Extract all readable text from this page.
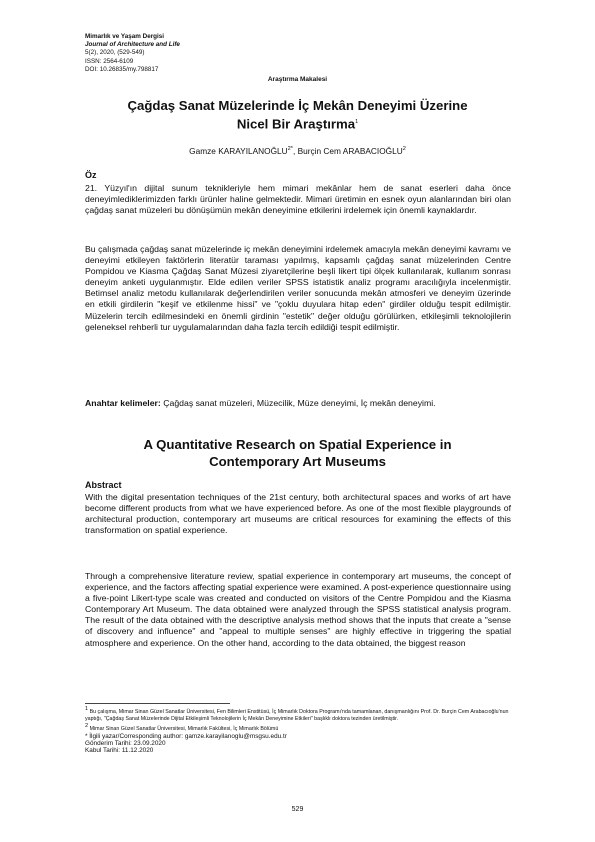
Mimarlık ve Yaşam Dergisi
Journal of Architecture and Life
5(2), 2020, (529-549)
ISSN: 2564-6109
DOI: 10.26835/my.798817
Araştırma Makalesi
Çağdaş Sanat Müzelerinde İç Mekân Deneyimi Üzerine
Nicel Bir Araştırma$^1$
Gamze $KARAYILANOĞLU^{2*}$, Burçin Cem ARABACIOĞLU$^2$
Öz

21. Yüzyıl'ın dijital sunum teknikleriyle hem mimari mekânlar hem de sanat eserleri daha önce deneyimlediklerimizden farklı ürünler haline gelmektedir. Mimari üretimin en esnek oyun alanlarından biri olan çağdaş sanat müzeleri bu dönüşümün mekân deneyimine etkilerini irdelemek için önemli kaynaklardır.

Bu çalışmada çağdaş sanat müzelerinde iç mekân deneyimini irdelemek amacıyla mekân deneyimi kavramı ve deneyimi etkileyen faktörlerin literatür taraması yapılmış, kapsamlı çağdaş sanat müzelerinden Centre Pompidou ve Kiasma Çağdaş Sanat Müzesi ziyaretçilerine beşli likert tipi ölçek kullanılarak, kullanım sonrası deneyim anketi uygulanmıştır. Elde edilen veriler SPSS istatistik analiz programı aracılığıyla incelenmiştir. Betimsel analiz metodu kullanılarak değerlendirilen veriler sonucunda mekân atmosferi ve deneyim üzerinde en etkili girdilerin "keşif ve etkilenme hissi" ve "çoklu duyulara hitap eden" girdiler olduğu tespit edilmiştir. Müzelerin tercih edilmesindeki en önemli girdinin "estetik" değer olduğu görülürken, etkileşimli teknolojilerin geleneksel rehberli tur uygulamalarından daha fazla tercih edildiği tespit edilmiştir.

Anahtar kelimeler: Çağdaş sanat müzeleri, Müzecilik, Müze deneyimi, İç mekân deneyimi.

A Quantitative Research on Spatial Experience in
Contemporary Art Museums
Abstract

With the digital presentation techniques of the 21st century, both architectural spaces and works of art have become different products from what we have experienced before. As one of the most flexible playgrounds of architectural production, contemporary art museums are critical resources for examining the effects of this transformation on spatial experience.

Through a comprehensive literature review, spatial experience in contemporary art museums, the concept of experience, and the factors affecting spatial experience were examined. A post-experience questionnaire using a five-point Likert-type scale was created and conducted on visitors of the Centre Pompidou and the Kiasma Contemporary Art Museum. The data obtained were analyzed through the SPSS statistical analysis program. The result of the data obtained with the descriptive analysis method shows that the inputs that create a "sense of discovery and influence" and "appeal to multiple senses" are highly effective in triggering the spatial atmosphere and experience. On the other hand, according to the data obtained, the biggest reason

1 Bu çalışma, Mimar Sinan Güzel Sanatlar Üniversitesi, Fen Bilimleri Enstitüsü, İç Mimarlık Doktora Programı'nda tamamlanan, danışmanlığını Prof. Dr. Burçin Cem Arabacıoğlu'nun yaptığı, "Çağdaş Sanat Müzelerinde Dijital Etkileşimli Teknolojilerin İç Mekân Deneyimine Etkileri" başlıklı doktora tezinden üretilmiştir.
2 Mimar Sinan Güzel Sanatlar Üniversitesi, Mimarlık Fakültesi, İç Mimarlık Bölümü
* İlgili yazar/Corresponding author: gamze.karayilanoglu@msgsu.edu.tr
Gönderim Tarihi: 23.09.2020
Kabul Tarihi: 11.12.2020
529
